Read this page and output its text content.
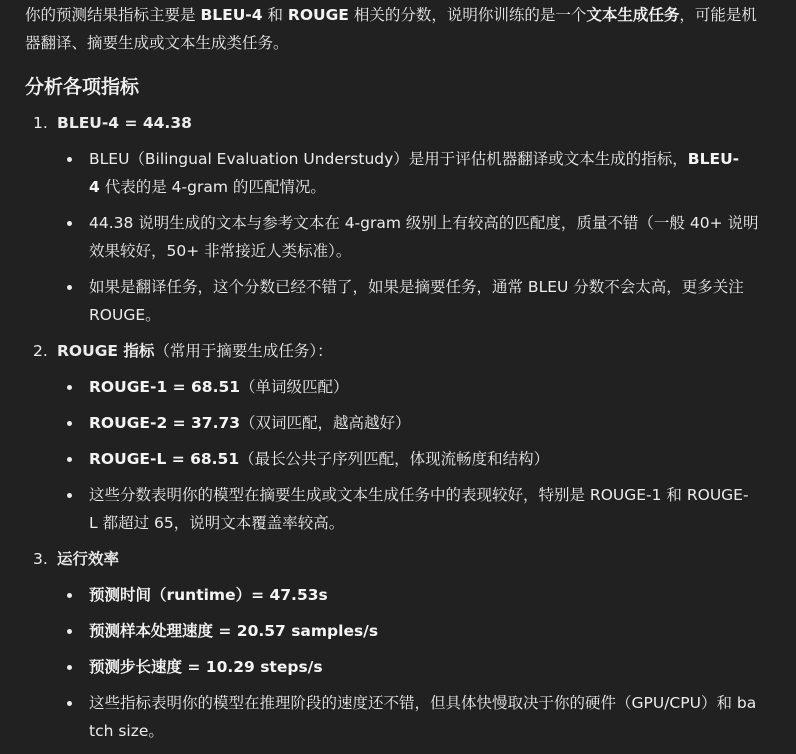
你的预测结果指标主要是 BLEU-4 和 ROUGE 相关的分数，说明你训练的是一个文本生成任务，可能是机器翻译、摘要生成或文本生成类任务。

分析各项指标
1. BLEU-4 = 44.38
BLEU（Bilingual Evaluation Understudy）是用于评估机器翻译或文本生成的指标，BLEU-4 代表的是 4-gram 的匹配情况。
44.38 说明生成的文本与参考文本在 4-gram 级别上有较高的匹配度，质量不错（一般 40+ 说明效果较好，50+ 非常接近人类标准）。
如果是翻译任务，这个分数已经不错了，如果是摘要任务，通常 BLEU 分数不会太高，更多关注 ROUGE。
2. ROUGE 指标（常用于摘要生成任务）：
ROUGE-1 = 68.51（单词级匹配）
ROUGE-2 = 37.73（双词匹配，越高越好）
ROUGE-L = 68.51（最长公共子序列匹配，体现流畅度和结构）
这些分数表明你的模型在摘要生成或文本生成任务中的表现较好，特别是 ROUGE-1 和 ROUGE-L 都超过 65，说明文本覆盖率较高。
3. 运行效率
预测时间（runtime）= 47.53s
预测样本处理速度 = 20.57 samples/s
预测步长速度 = 10.29 steps/s
这些指标表明你的模型在推理阶段的速度还不错，但具体快慢取决于你的硬件（GPU/CPU）和 batch size。
